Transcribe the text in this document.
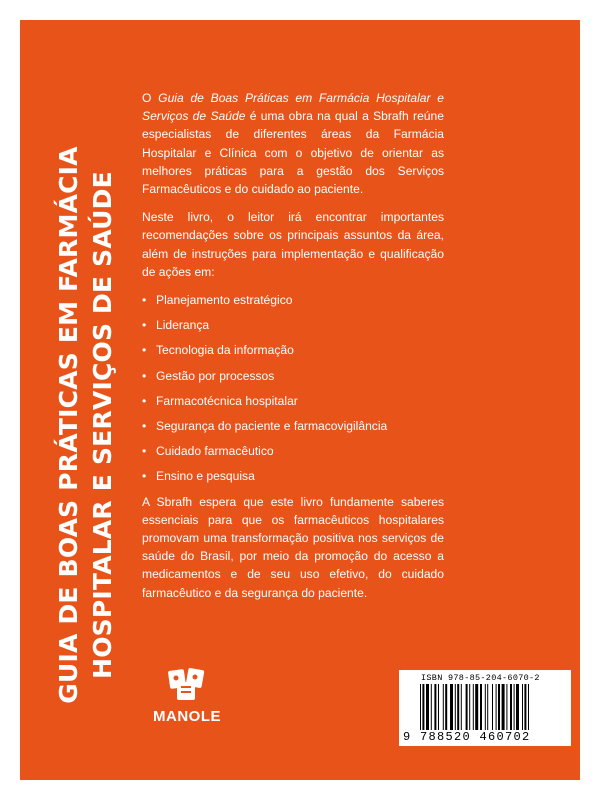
GUIA DE BOAS PRÁTICAS EM FARMÁCIA HOSPITALAR E SERVIÇOS DE SAÚDE

O Guia de Boas Práticas em Farmácia Hospitalar e Serviços de Saúde é uma obra na qual a Sbrafh reúne especialistas de diferentes áreas da Farmácia Hospitalar e Clínica com o objetivo de orientar as melhores práticas para a gestão dos Serviços Farmacêuticos e do cuidado ao paciente.

Neste livro, o leitor irá encontrar importantes recomendações sobre os principais assuntos da área, além de instruções para implementação e qualificação de ações em:

• Planejamento estratégico
• Liderança
• Tecnologia da informação
• Gestão por processos
• Farmacotécnica hospitalar
• Segurança do paciente e farmacovigilância
• Cuidado farmacêutico
• Ensino e pesquisa

A Sbrafh espera que este livro fundamente saberes essenciais para que os farmacêuticos hospitalares promovam uma transformação positiva nos serviços de saúde do Brasil, por meio da promoção do acesso a medicamentos e de seu uso efetivo, do cuidado farmacêutico e da segurança do paciente.

MANOLE
ISBN 978-85-204-6070-2
9 788520 460702
